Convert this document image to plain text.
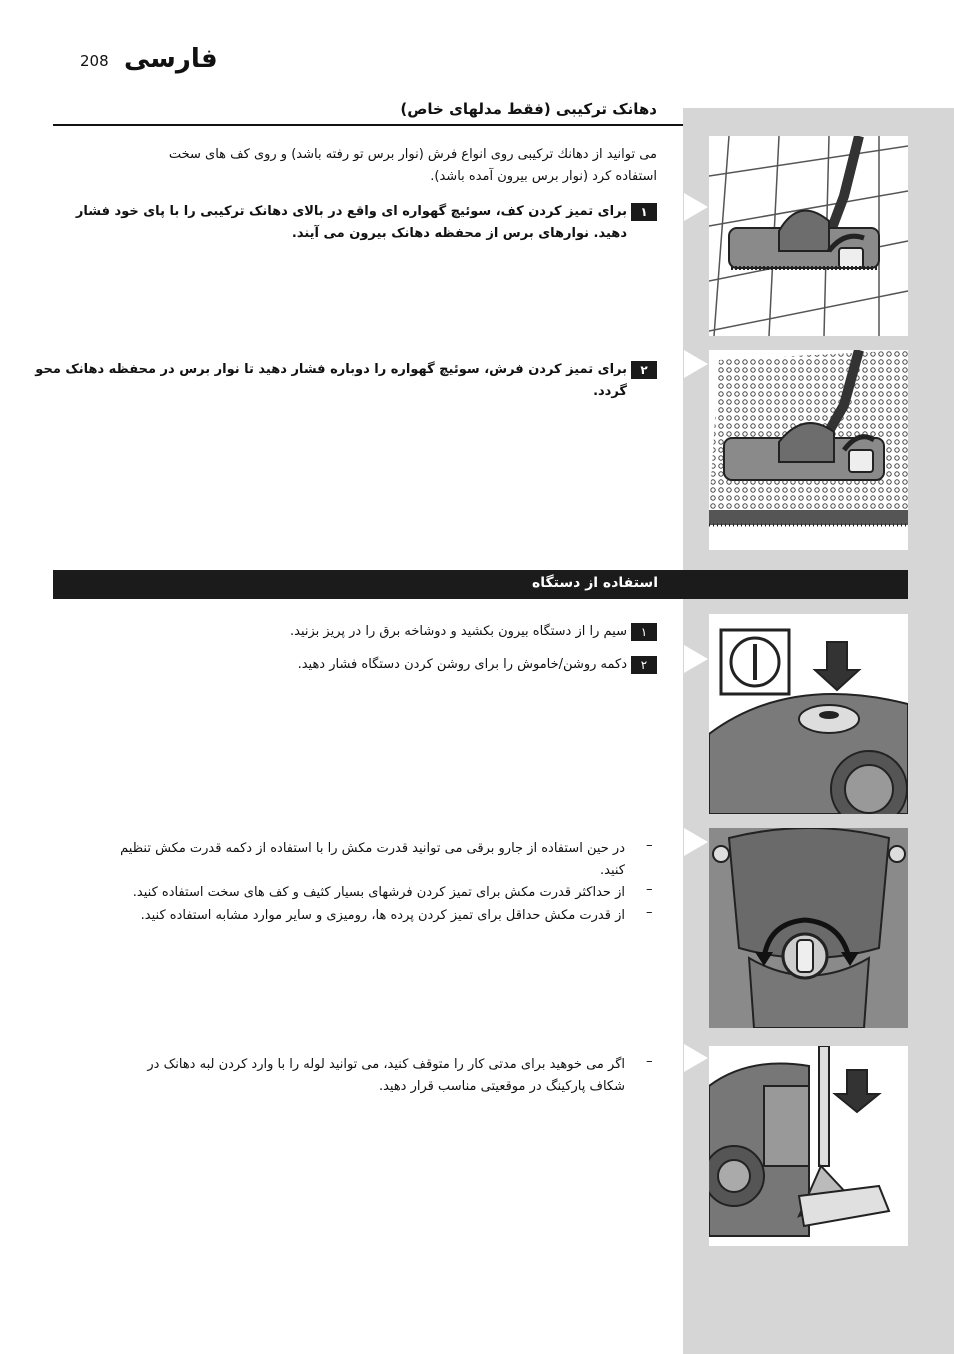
208 فارسی
دهانک ترکیبی (فقط مدلهای خاص)
می توانید از دهانك تركيبی روی انواع فرش (نوار برس تو رفته باشد) و روی كف های سخت
استفاده كرد (نوار برس بیرون آمده باشد).
۱برای تمیز کردن کف، سوئیچ گهواره ای واقع در بالای دهانک ترکیبی را با پای خود فشار
دهید. نوارهای برس از محفظه دهانک بیرون می آیند.
۲برای تمیز کردن فرش، سوئیچ گهواره را دوباره فشار دهید تا نوار برس در محفظه دهانک محو
گردد.
استفاده از دستگاه
۱سیم را از دستگاه بیرون بکشید و دوشاخه برق را در پریز بزنید.
۲دکمه روشن/خاموش را برای روشن کردن دستگاه فشار دهید.
در حین استفاده از جارو برقی می توانید قدرت مکش را با استفاده از دکمه قدرت مکش تنظیم
کنید.
–
از حداکثر قدرت مکش برای تمیز کردن فرشهای بسیار کثیف و کف های سخت استفاده کنید. –
از قدرت مکش حداقل برای تمیز کردن پرده ها، رومیزی و سایر موارد مشابه استفاده کنید. –
اگر می خوهید برای مدتی کار را متوقف کنید، می توانید لوله را با وارد کردن لبه دهانک در
شکاف پارکینگ در موقعیتی مناسب قرار دهید.
–
